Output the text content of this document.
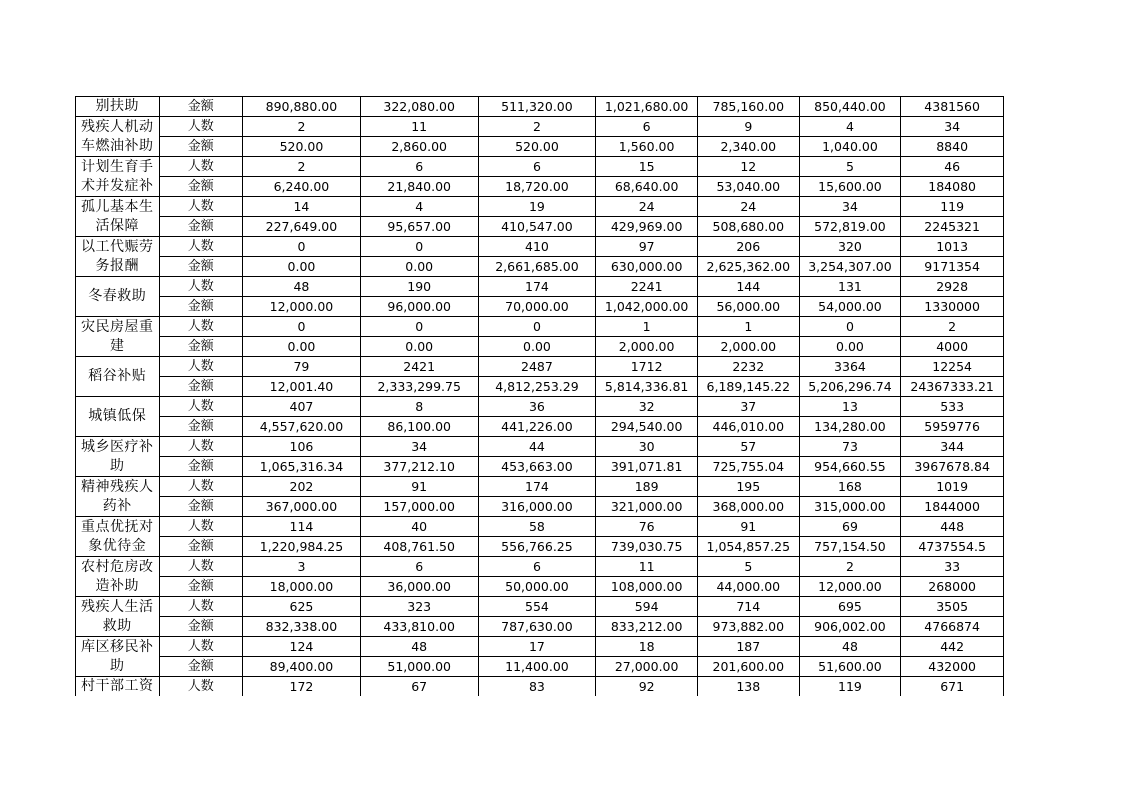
别扶助	金额	890,880.00	322,080.00	511,320.00	1,021,680.00	785,160.00	850,440.00	4381560
残疾人机动车燃油补助	人数	2	11	2	6	9	4	34
	金额	520.00	2,860.00	520.00	1,560.00	2,340.00	1,040.00	8840
计划生育手术并发症补	人数	2	6	6	15	12	5	46
	金额	6,240.00	21,840.00	18,720.00	68,640.00	53,040.00	15,600.00	184080
孤儿基本生活保障	人数	14	4	19	24	24	34	119
	金额	227,649.00	95,657.00	410,547.00	429,969.00	508,680.00	572,819.00	2245321
以工代赈劳务报酬	人数	0	0	410	97	206	320	1013
	金额	0.00	0.00	2,661,685.00	630,000.00	2,625,362.00	3,254,307.00	9171354
冬春救助	人数	48	190	174	2241	144	131	2928
	金额	12,000.00	96,000.00	70,000.00	1,042,000.00	56,000.00	54,000.00	1330000
灾民房屋重建	人数	0	0	0	1	1	0	2
	金额	0.00	0.00	0.00	2,000.00	2,000.00	0.00	4000
稻谷补贴	人数	79	2421	2487	1712	2232	3364	12254
	金额	12,001.40	2,333,299.75	4,812,253.29	5,814,336.81	6,189,145.22	5,206,296.74	24367333.21
城镇低保	人数	407	8	36	32	37	13	533
	金额	4,557,620.00	86,100.00	441,226.00	294,540.00	446,010.00	134,280.00	5959776
城乡医疗补助	人数	106	34	44	30	57	73	344
	金额	1,065,316.34	377,212.10	453,663.00	391,071.81	725,755.04	954,660.55	3967678.84
精神残疾人药补	人数	202	91	174	189	195	168	1019
	金额	367,000.00	157,000.00	316,000.00	321,000.00	368,000.00	315,000.00	1844000
重点优抚对象优待金	人数	114	40	58	76	91	69	448
	金额	1,220,984.25	408,761.50	556,766.25	739,030.75	1,054,857.25	757,154.50	4737554.5
农村危房改造补助	人数	3	6	6	11	5	2	33
	金额	18,000.00	36,000.00	50,000.00	108,000.00	44,000.00	12,000.00	268000
残疾人生活救助	人数	625	323	554	594	714	695	3505
	金额	832,338.00	433,810.00	787,630.00	833,212.00	973,882.00	906,002.00	4766874
库区移民补助	人数	124	48	17	18	187	48	442
	金额	89,400.00	51,000.00	11,400.00	27,000.00	201,600.00	51,600.00	432000
村干部工资	人数	172	67	83	92	138	119	671
